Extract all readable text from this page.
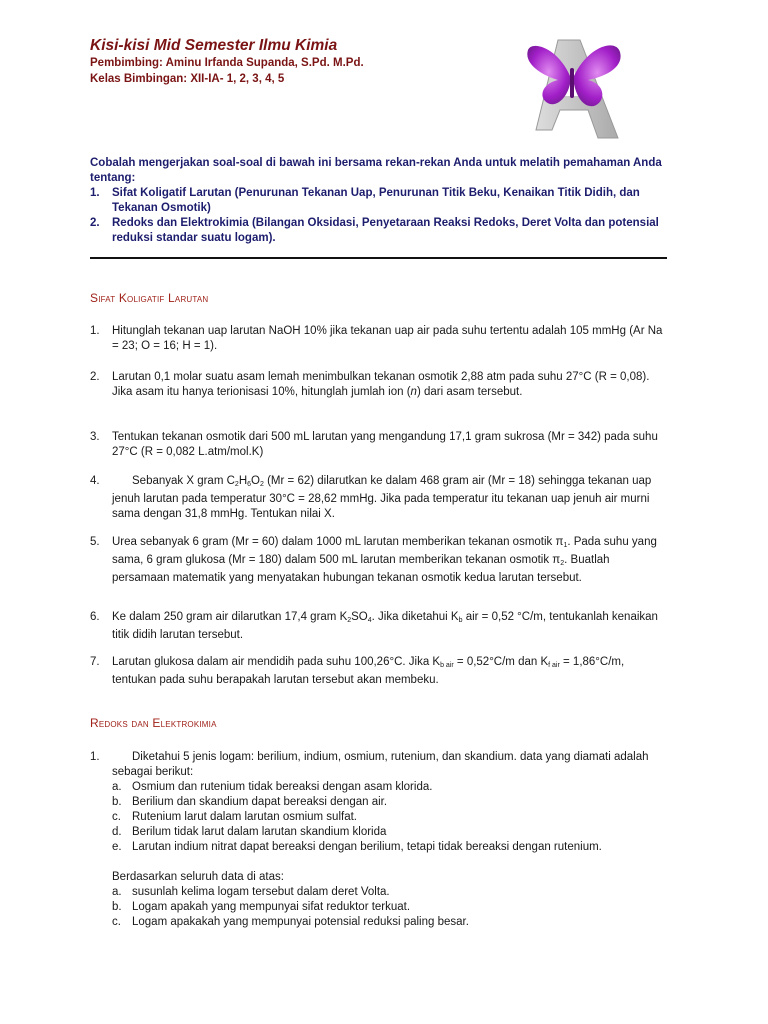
Kisi-kisi Mid Semester Ilmu Kimia
Pembimbing: Aminu Irfanda Supanda, S.Pd. M.Pd.
Kelas Bimbingan: XII-IA- 1, 2, 3, 4, 5
Cobalah mengerjakan soal-soal di bawah ini bersama rekan-rekan Anda untuk melatih pemahaman Anda tentang:
1. Sifat Koligatif Larutan (Penurunan Tekanan Uap, Penurunan Titik Beku, Kenaikan Titik Didih, dan Tekanan Osmotik)
2. Redoks dan Elektrokimia (Bilangan Oksidasi, Penyetaraan Reaksi Redoks, Deret Volta dan potensial reduksi standar suatu logam).
Sifat Koligatif Larutan
1. Hitunglah tekanan uap larutan NaOH 10% jika tekanan uap air pada suhu tertentu adalah 105 mmHg (Ar Na = 23; O = 16; H = 1).
2. Larutan 0,1 molar suatu asam lemah menimbulkan tekanan osmotik 2,88 atm pada suhu 27°C (R = 0,08). Jika asam itu hanya terionisasi 10%, hitunglah jumlah ion (n) dari asam tersebut.
3. Tentukan tekanan osmotik dari 500 mL larutan yang mengandung 17,1 gram sukrosa (Mr = 342) pada suhu 27°C (R = 0,082 L.atm/mol.K)
4.	Sebanyak X gram $C_2H_6O_2$ (Mr = 62) dilarutkan ke dalam 468 gram air (Mr = 18) sehingga tekanan uap jenuh larutan pada temperatur 30°C = 28,62 mmHg. Jika pada temperatur itu tekanan uap jenuh air murni sama dengan 31,8 mmHg. Tentukan nilai X.
5. Urea sebanyak 6 gram (Mr = 60) dalam 1000 mL larutan memberikan tekanan osmotik $\pi_1$. Pada suhu yang sama, 6 gram glukosa (Mr = 180) dalam 500 mL larutan memberikan tekanan osmotik $\pi_2$. Buatlah persamaan matematik yang menyatakan hubungan tekanan osmotik kedua larutan tersebut.
6. Ke dalam 250 gram air dilarutkan 17,4 gram $K_2SO_4$. Jika diketahui $K_b$ air = 0,52 °C/m, tentukanlah kenaikan titik didih larutan tersebut.
7. Larutan glukosa dalam air mendidih pada suhu 100,26°C. Jika $K_{b air} = 0,52^\circ C/m$ dan $K_{f air} = 1,86^\circ C/m$, tentukan pada suhu berapakah larutan tersebut akan membeku.
Redoks dan Elektrokimia
1.	Diketahui 5 jenis logam: berilium, indium, osmium, rutenium, dan skandium. data yang diamati adalah sebagai berikut:
a. Osmium dan rutenium tidak bereaksi dengan asam klorida.
b. Berilium dan skandium dapat bereaksi dengan air.
c. Rutenium larut dalam larutan osmium sulfat.
d. Berilum tidak larut dalam larutan skandium klorida
e. Larutan indium nitrat dapat bereaksi dengan berilium, tetapi tidak bereaksi dengan rutenium.
Berdasarkan seluruh data di atas:
a. susunlah kelima logam tersebut dalam deret Volta.
b. Logam apakah yang mempunyai sifat reduktor terkuat.
c. Logam apakakah yang mempunyai potensial reduksi paling besar.
